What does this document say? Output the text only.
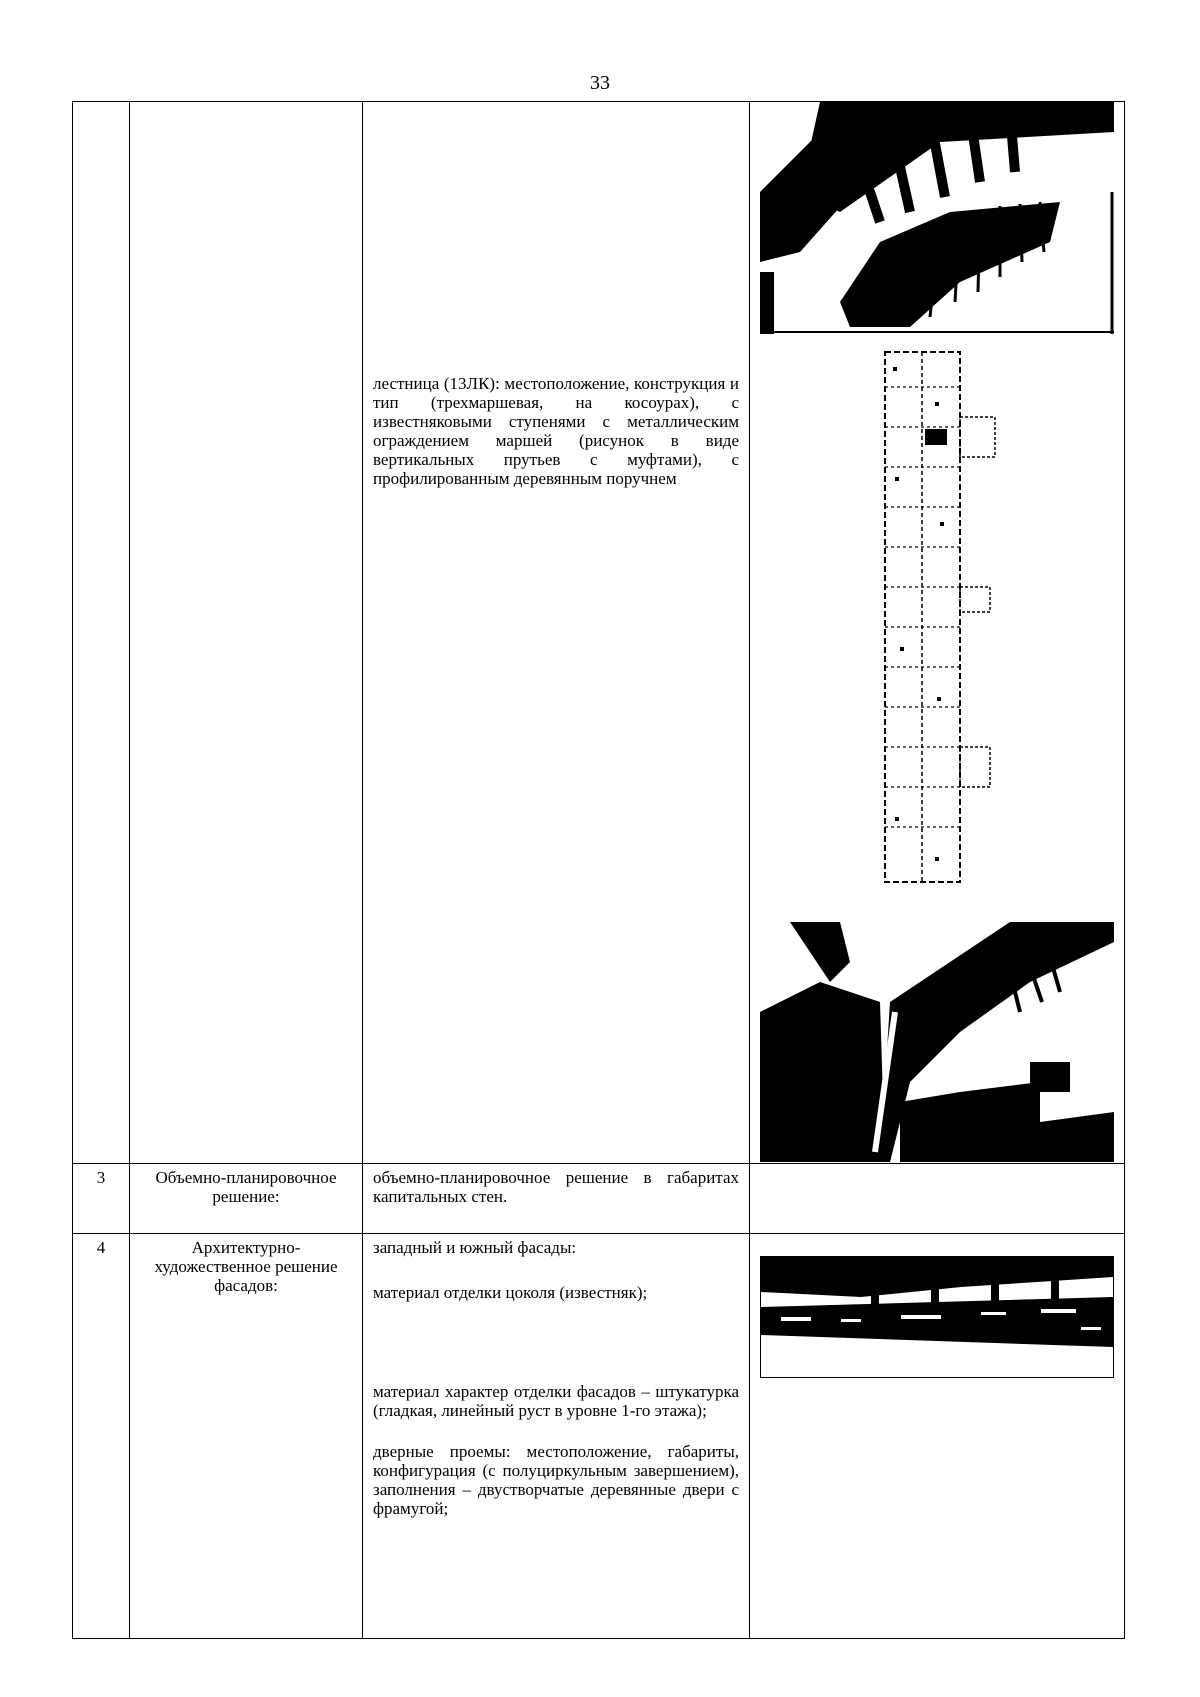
33

		лестница (13ЛК): местоположение, конструкция и тип (трехмаршевая, на косоурах), с известняковыми ступенями с металлическим ограждением маршей (рисунок в виде вертикальных прутьев с муфтами), с профилированным деревянным поручнем

3	Объемно-планировочное решение:	объемно-планировочное решение в габаритах капитальных стен.	

4	Архитектурно-художественное решение фасадов:	западный и южный фасады:

материал отделки цоколя (известняк);

материал характер отделки фасадов – штукатурка (гладкая, линейный руст в уровне 1-го этажа);

дверные проемы: местоположение, габариты, конфигурация (с полуциркульным завершением), заполнения – двустворчатые деревянные двери с фрамугой;
